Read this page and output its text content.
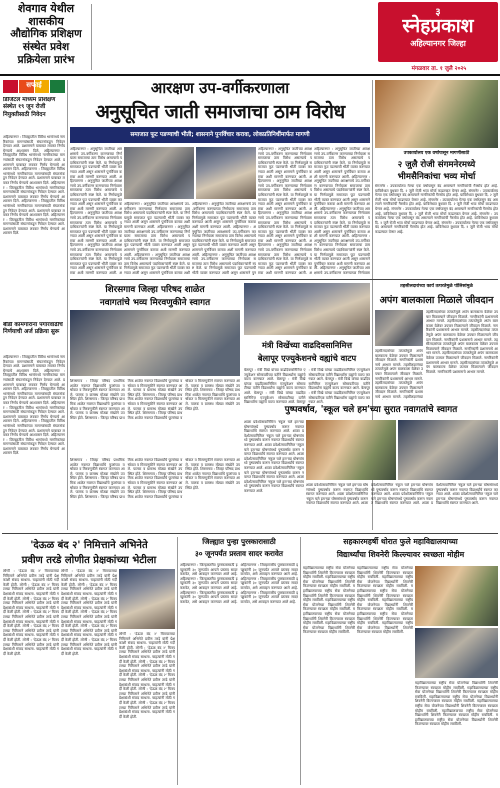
शेवगाव येथील
शासकीय
औद्योगिक प्रशिक्षण
संस्थेत प्रवेश
प्रक्रियेला प्रारंभ
३
स्नेहप्रकाश
अहिल्यानगर जिल्हा
मंगळवार ता. १ जुलै २०२५
सफाई
डिजिटल माध्यम प्रशिक्षण संस्थेत १९ जून रोजी नियुक्तीसाठी निवेदन
अहिल्यानगर : जिल्ह्यातील विविध भागांमध्ये नागरिकांच्या मागण्यांसाठी संघटनांकडून निवेदन देण्यात आले. प्रशासनाने याबाबत लवकर निर्णय घेण्याचे आश्वासन दिले. अहिल्यानगर : जिल्ह्यातील विविध भागांमध्ये नागरिकांच्या मागण्यांसाठी संघटनांकडून निवेदन देण्यात आले. प्रशासनाने याबाबत लवकर निर्णय घेण्याचे आश्वासन दिले. अहिल्यानगर : जिल्ह्यातील विविध भागांमध्ये नागरिकांच्या मागण्यांसाठी संघटनांकडून निवेदन देण्यात आले. प्रशासनाने याबाबत लवकर निर्णय घेण्याचे आश्वासन दिले. अहिल्यानगर : जिल्ह्यातील विविध भागांमध्ये नागरिकांच्या मागण्यांसाठी संघटनांकडून निवेदन देण्यात आले. प्रशासनाने याबाबत लवकर निर्णय घेण्याचे आश्वासन दिले. अहिल्यानगर : जिल्ह्यातील विविध भागांमध्ये नागरिकांच्या मागण्यांसाठी संघटनांकडून निवेदन देण्यात आले. प्रशासनाने याबाबत लवकर निर्णय घेण्याचे आश्वासन दिले. अहिल्यानगर : जिल्ह्यातील विविध भागांमध्ये नागरिकांच्या मागण्यांसाठी संघटनांकडून निवेदन देण्यात आले. प्रशासनाने याबाबत लवकर निर्णय घेण्याचे आश्वासन दिले.
बीडी कामगारांना पगारवाढीचे निर्णयाची अर्ज प्रक्रिया सुरू
अहिल्यानगर : जिल्ह्यातील विविध भागांमध्ये नागरिकांच्या मागण्यांसाठी संघटनांकडून निवेदन देण्यात आले. प्रशासनाने याबाबत लवकर निर्णय घेण्याचे आश्वासन दिले. अहिल्यानगर : जिल्ह्यातील विविध भागांमध्ये नागरिकांच्या मागण्यांसाठी संघटनांकडून निवेदन देण्यात आले. प्रशासनाने याबाबत लवकर निर्णय घेण्याचे आश्वासन दिले. अहिल्यानगर : जिल्ह्यातील विविध भागांमध्ये नागरिकांच्या मागण्यांसाठी संघटनांकडून निवेदन देण्यात आले. प्रशासनाने याबाबत लवकर निर्णय घेण्याचे आश्वासन दिले. अहिल्यानगर : जिल्ह्यातील विविध भागांमध्ये नागरिकांच्या मागण्यांसाठी संघटनांकडून निवेदन देण्यात आले. प्रशासनाने याबाबत लवकर निर्णय घेण्याचे आश्वासन दिले. अहिल्यानगर : जिल्ह्यातील विविध भागांमध्ये नागरिकांच्या मागण्यांसाठी संघटनांकडून निवेदन देण्यात आले. प्रशासनाने याबाबत लवकर निर्णय घेण्याचे आश्वासन दिले. अहिल्यानगर : जिल्ह्यातील विविध भागांमध्ये नागरिकांच्या मागण्यांसाठी संघटनांकडून निवेदन देण्यात आले. प्रशासनाने याबाबत लवकर निर्णय घेण्याचे आश्वासन दिले.
आरक्षण उप-वर्गीकरणाला
अनुसूचित जाती समाजाचा ठाम विरोध
समाजात फूट पडण्याची भीती; शासनाने पुनर्विचार करावा, लोकप्रतिनिधींमार्फत मागणी
अहिल्यानगर : अनुसूचित जातीच्या आरक्षणाचे उप-वर्गीकरण करण्याच्या निर्णयाला समाजाचा ठाम विरोध असल्याचे पदाधिकाऱ्यांनी स्पष्ट केले. या निर्णयामुळे समाजात फूट पडण्याची भीती व्यक्त करण्यात आली असून शासनाने पुनर्विचार करावा अशी मागणी करण्यात आली. अहिल्यानगर : अनुसूचित जातीच्या आरक्षणाचे उप-वर्गीकरण करण्याच्या निर्णयाला समाजाचा ठाम विरोध असल्याचे पदाधिकाऱ्यांनी स्पष्ट केले. या निर्णयामुळे समाजात फूट पडण्याची भीती व्यक्त करण्यात आली असून शासनाने पुनर्विचार करावा अशी मागणी करण्यात आली. अहिल्यानगर : अनुसूचित जातीच्या आरक्षणाचे उप-वर्गीकरण करण्याच्या निर्णयाला समाजाचा ठाम विरोध असल्याचे पदाधिकाऱ्यांनी स्पष्ट केले. या निर्णयामुळे समाजात फूट पडण्याची भीती व्यक्त करण्यात आली असून शासनाने पुनर्विचार करावा अशी मागणी करण्यात आली. अहिल्यानगर : अनुसूचित जातीच्या आरक्षणाचे उप-वर्गीकरण करण्याच्या निर्णयाला समाजाचा ठाम विरोध असल्याचे पदाधिकाऱ्यांनी स्पष्ट केले. या निर्णयामुळे समाजात फूट पडण्याची भीती व्यक्त करण्यात आली असून शासनाने पुनर्विचार करावा अशी मागणी करण्यात आली. अ
अहिल्यानगर : अनुसूचित जातीच्या आरक्षणाचे उप-वर्गीकरण करण्याच्या निर्णयाला समाजाचा ठाम विरोध असल्याचे पदाधिकाऱ्यांनी स्पष्ट केले. या निर्णयामुळे समाजात फूट पडण्याची भीती व्यक्त करण्यात आली असून शासनाने पुनर्विचार करावा अशी मागणी करण्यात आली. अहिल्यानगर : अनुसूचित जातीच्या आरक्षणाचे उप-वर्गीकरण करण्याच्या निर्णयाला समाजाचा ठाम विरोध असल्याचे पदाधिकाऱ्यांनी स्पष्ट केले. या निर्णयामुळे समाजात फूट पडण्याची भीती व्यक्त करण्यात आली असून शासनाने पुनर्विचार करावा अशी मागणी करण्यात आली. अहिल्यानगर : अनुसूचित जातीच्या आरक्षणाचे उप-वर्गीकरण करण्याच्या निर्णयाला समाजाचा ठाम विरोध असल्याचे पदाधिकाऱ्यांनी स्पष्ट केले. या निर्णयामुळे समाजात फूट पडण्याची भीती व्यक्त करण्यात आली असून शासनाने पुनर्विचार करावा अशी
अहिल्यानगर : अनुसूचित जातीच्या आरक्षणाचे उप-वर्गीकरण करण्याच्या निर्णयाला समाजाचा ठाम विरोध असल्याचे पदाधिकाऱ्यांनी स्पष्ट केले. या निर्णयामुळे समाजात फूट पडण्याची भीती व्यक्त करण्यात आली असून शासनाने पुनर्विचार करावा अशी मागणी करण्यात आली. अहिल्यानगर : अनुसूचित जातीच्या आरक्षणाचे उप-वर्गीकरण करण्याच्या निर्णयाला समाजाचा ठाम विरोध असल्याचे पदाधिकाऱ्यांनी स्पष्ट केले. या निर्णयामुळे समाजात फूट पडण्याची भीती व्यक्त करण्यात आली असून शासनाने पुनर्विचार करावा अशी मागणी करण्यात आली. अहिल्यानगर : अनुसूचित जातीच्या आरक्षणाचे उप-वर्गीकरण करण्याच्या निर्णयाला समाजाचा ठाम विरोध असल्याचे पदाधिकाऱ्यांनी स्पष्ट केले. या निर्णयामुळे समाजात फूट पडण्याची भीती व्यक्त करण्यात आली असून शासनाने पुन
अहिल्यानगर : अनुसूचित जातीच्या आरक्षणाचे उप-वर्गीकरण करण्याच्या निर्णयाला समाजाचा ठाम विरोध असल्याचे पदाधिकाऱ्यांनी स्पष्ट केले. या निर्णयामुळे समाजात फूट पडण्याची भीती व्यक्त करण्यात आली असून शासनाने पुनर्विचार करावा अशी मागणी करण्यात आली. अहिल्यानगर : अनुसूचित जातीच्या आरक्षणाचे उप-वर्गीकरण करण्याच्या निर्णयाला समाजाचा ठाम विरोध असल्याचे पदाधिकाऱ्यांनी स्पष्ट केले. या निर्णयामुळे समाजात फूट पडण्याची भीती व्यक्त करण्यात आली असून शासनाने पुनर्विचार करावा अशी मागणी करण्यात आली. अहिल्यानगर : अनुसूचित जातीच्या आरक्षणाचे उप-वर्गीकरण करण्याच्या निर्णयाला समाजाचा ठाम विरोध असल्याचे पदाधिकाऱ्यांनी स्पष्ट केले. या निर्णयामुळे समाजात फूट पडण्याची भीती व्यक्त करण्यात आली असून शासनाने पुनर्विचार करावा अशी मागणी करण्यात आली. अहिल्यानगर : अनुसूचित जातीच्या आरक्षणाचे उप-वर्गीकरण करण्याच्या निर्णयाला समाजाचा ठाम विरोध असल्याचे पदाधिकाऱ्यांनी स्पष्ट केले. या निर्णयामुळे समाजात फूट पडण्याची भीती व्यक्त करण्यात आली असून शासनाने पुनर्विचार करावा अशी मागणी करण्यात आली. अ
अहिल्यानगर : अनुसूचित जातीच्या आरक्षणाचे उप-वर्गीकरण करण्याच्या निर्णयाला समाजाचा ठाम विरोध असल्याचे पदाधिकाऱ्यांनी स्पष्ट केले. या निर्णयामुळे समाजात फूट पडण्याची भीती व्यक्त करण्यात आली असून शासनाने पुनर्विचार करावा अशी मागणी करण्यात आली. अहिल्यानगर : अनुसूचित जातीच्या आरक्षणाचे उप-वर्गीकरण करण्याच्या निर्णयाला समाजाचा ठाम विरोध असल्याचे पदाधिकाऱ्यांनी स्पष्ट केले. या निर्णयामुळे समाजात फूट पडण्याची भीती व्यक्त करण्यात आली असून शासनाने पुनर्विचार करावा अशी मागणी करण्यात आली. अहिल्यानगर : अनुसूचित जातीच्या आरक्षणाचे उप-वर्गीकरण करण्याच्या निर्णयाला समाजाचा ठाम विरोध असल्याचे पदाधिकाऱ्यांनी स्पष्ट केले. या निर्णयामुळे समाजात फूट पडण्याची भीती व्यक्त करण्यात आली असून शासनाने पुनर्विचार करावा अशी मागणी करण्यात आली. अहिल्यानगर : अनुसूचित जातीच्या आरक्षणाचे उप-वर्गीकरण करण्याच्या निर्णयाला समाजाचा ठाम विरोध असल्याचे पदाधिकाऱ्यांनी स्पष्ट केले. या निर्णयामुळे समाजात फूट पडण्याची भीती व्यक्त करण्यात आली असून शासनाने पुनर्विचार करावा अशी मागणी करण्यात आली. अहिल्यानगर : अनुसूचित जातीच्या आरक्षणाचे उप-वर्गीकरण करण्याच्या निर्णयाला
उपकार्यालय एक वर्षापासून मागणीसाठी
२ जुलै रोजी संगमनेरमध्ये
भीमसैनिकांचा भव्य मोर्चा
संगमनेर : उपकार्यालय गेल्या एक वर्षापासून बंद असल्याने नागरिकांची गैरसोय होत आहे. याविरोधात बुधवार दि. २ जुलै रोजी भव्य मोर्चा काढण्यात येणार आहे. संगमनेर : उपकार्यालय गेल्या एक वर्षापासून बंद असल्याने नागरिकांची गैरसोय होत आहे. याविरोधात बुधवार दि. २ जुलै रोजी भव्य मोर्चा काढण्यात येणार आहे. संगमनेर : उपकार्यालय गेल्या एक वर्षापासून बंद असल्याने नागरिकांची गैरसोय होत आहे. याविरोधात बुधवार दि. २ जुलै रोजी भव्य मोर्चा काढण्यात येणार आहे. संगमनेर : उपकार्यालय गेल्या एक वर्षापासून बंद असल्याने नागरिकांची गैरसोय होत आहे. याविरोधात बुधवार दि. २ जुलै रोजी भव्य मोर्चा काढण्यात येणार आहे. संगमनेर : उपकार्यालय गेल्या एक वर्षापासून बंद असल्याने नागरिकांची गैरसोय होत आहे. याविरोधात बुधवार दि. २ जुलै रोजी भव्य मोर्चा काढण्यात येणार आहे. संगमनेर : उपकार्यालय गेल्या एक वर्षापासून बंद असल्याने नागरिकांची गैरसोय होत आहे. याविरोधात बुधवार दि. २ जुलै रोजी भव्य मोर्चा काढण्यात येणार आहे.
शिरसगाव जिल्हा परिषद शाळेत
नवागतांचे भव्य मिरवणुकीने स्वागत
शिरसगाव : जिल्हा परिषद प्राथमिक शाळेत नवागत विद्यार्थ्यांचे फुलांच्या वर्षावात व मिरवणुकीने स्वागत करण्यात आले. पालक व ग्रामस्थ मोठ्या संख्येने उपस्थित होते. शिरसगाव : जिल्हा परिषद प्राथमिक शाळेत नवागत विद्यार्थ्यांचे फुलांच्या वर्षावात व मिरवणुकीने स्वागत करण्यात आले. पालक व ग्रामस्थ मोठ्या संख्येने उपस्थित होते. शिरसगाव : जिल्हा परिषद प्राथमिक शाळेत नवागत विद्यार्थ्यांचे फुलांच्या वर्षावात व मिरवणुकीने स्वागत करण्यात आले. पालक व ग्रामस्थ मोठ्या संख्येने उपस्थित होते. शिरसगाव : जिल्हा परिषद प्राथमिक शाळेत नवागत विद्यार्थ्यांचे फुलांच्या वर्षावात व मिरवणुकीने स्वागत करण्यात आले. पालक व ग्रामस्थ मोठ्या संख्येने उपस्थित होते. शिरसगाव : जिल्हा परिषद प्राथमिक शाळेत नवागत विद्यार्थ्यांचे फुलांच्या वर्षावात व मिरवणुकीने स्वागत करण्यात आले. पालक व ग्रामस्थ मोठ्या संख्येने उपस्थित होते. शिरसगाव : जिल्हा परिषद प्राथमिक शाळेत नवागत विद्यार्थ्यांचे फुलांच्या वर्षावात व मिरवणुकीने स्वागत करण्यात आले. पालक व ग्रामस्थ मोठ्या संख्येने उपस्थित होते.
मंत्री विखेंच्या वाढदिवसानिमित्त
बेलापूर एज्युकेशनचे वह्यांचे वाटप
बेलापूर : मंत्री विखे यांच्या वाढदिवसानिमित्त एज्युकेशन सोसायटीच्या वतीने विद्यार्थ्यांना वह्यांचे वाटप करण्यात आले. बेलापूर : मंत्री विखे यांच्या वाढदिवसानिमित्त एज्युकेशन सोसायटीच्या वतीने विद्यार्थ्यांना वह्यांचे वाटप करण्यात आले. बेलापूर : मंत्री विखे यांच्या वाढदिवसानिमित्त एज्युकेशन सोसायटीच्या वतीने विद्यार्थ्यांना वह्यांचे वाटप करण्यात आले. बेलापूर : मंत्री विखे यांच्या वाढदिवसानिमित्त एज्युकेशन सोसायटीच्या वतीने विद्यार्थ्यांना वह्यांचे वाटप करण्यात आले. बेलापूर : मंत्री विखे यांच्या वाढदिवसानिमित्त एज्युकेशन सोसायटीच्या वतीने विद्यार्थ्यांना वह्यांचे वाटप करण्यात आले. बेलापूर : मंत्री विखे यांच्या वाढदिवसानिमित्त एज्युकेशन सोसायटीच्या वतीने विद्यार्थ्यांना वह्यांचे वाटप करण्यात आले.
तहसीलदारांच्या कार्य तत्परतेमुळे पोलिसांमुळे
अपंग बालकाला मिळाले जीवदान
तहसीलदारांच्या तत्परतेमुळे अपंग बालकाला वेळेवर उपचार मिळाल्याने जीवदान मिळाले. नागरिकांनी प्रशासनाचे आभार मानले. तहसीलदारांच्या तत्परतेमुळे अपंग बालकाला वेळेवर उपचार मिळाल्याने जीवदान मिळाले. नागरिकांनी प्रशासनाचे आभार मानले. तहसीलदारांच्या तत्परतेमुळे अपंग बालकाला वेळेवर उपचार मिळाल्याने जीवदान मिळाले. नागरिकांनी प्रशासनाचे आभार मानले. तहसीलदारांच्या तत्परतेमुळे अपंग बालकाला वेळेवर उपचार मिळाल्याने जीवदान मिळाले. नागरिकांनी प्रशासनाचे आभार मानले. तहसीलदारांच्या तत्परतेमुळे अपंग बालकाला वेळेवर उपचार मिळाल्याने जीवदान मिळाले. नागरिकांनी प्रशासनाचे आभार मानले. तहसीलदारांच्या तत्परतेमुळे अपंग बालकाला वेळेवर उपचार मिळाल्याने जीवदान मिळाले. नागरिकांनी प्रशासनाचे आभार मानले.
तहसीलदारांच्या तत्परतेमुळे अपंग बालकाला वेळेवर उपचार मिळाल्याने जीवदान मिळाले. नागरिकांनी प्रशासनाचे आभार मानले. तहसीलदारांच्या तत्परतेमुळे अपंग बालकाला वेळेवर उपचार मिळाल्याने जीवदान मिळाले. नागरिकांनी प्रशासनाचे आभार मानले. तहसीलदारांच्या तत्परतेमुळे अपंग बालकाला वेळेवर उपचार मिळाल्याने जीवदान मिळाले. नागरिकांनी प्रशासनाचे आभार मानले. तहसीलदारांच्या
पुष्पवर्षाव, 'स्कूल चले हम'च्या सुरात नवागतांचे स्वागत
शाळा प्रवेशोत्सवानिमित्त 'स्कूल चले हम'च्या घोषणांमध्ये पुष्पवर्षाव करून नवागत विद्यार्थ्यांचे स्वागत करण्यात आले. शाळा प्रवेशोत्सवानिमित्त 'स्कूल चले हम'च्या घोषणांमध्ये पुष्पवर्षाव करून नवागत विद्यार्थ्यांचे स्वागत करण्यात आले. शाळा प्रवेशोत्सवानिमित्त 'स्कूल चले हम'च्या घोषणांमध्ये पुष्पवर्षाव करून नवागत विद्यार्थ्यांचे स्वागत करण्यात आले. शाळा प्रवेशोत्सवानिमित्त 'स्कूल चले हम'च्या घोषणांमध्ये पुष्पवर्षाव करून नवागत विद्यार्थ्यांचे स्वागत करण्यात आले. शाळा प्रवेशोत्सवानिमित्त 'स्कूल चले हम'च्या घोषणांमध्ये पुष्पवर्षाव करून नवागत विद्यार्थ्यांचे स्वागत करण्यात आले. शाळा प्रवेशोत्सवानिमित्त 'स्कूल चले हम'च्या घोषणांमध्ये पुष्पवर्षाव करून नवागत विद्यार्थ्यांचे स्वागत करण्यात आले.
शाळा प्रवेशोत्सवानिमित्त 'स्कूल चले हम'च्या घोषणांमध्ये पुष्पवर्षाव करून नवागत विद्यार्थ्यांचे स्वागत करण्यात आले. शाळा प्रवेशोत्सवानिमित्त 'स्कूल चले हम'च्या घोषणांमध्ये पुष्पवर्षाव करून नवागत विद्यार्थ्यांचे स्वागत करण्यात आले. शाळा प्रवेशोत्सवानिमित्त 'स्कूल चले हम'च्या घोषणांमध्ये पुष्पवर्षाव करून नवागत विद्यार्थ्यांचे स्वागत करण्यात आले. शाळा प्रवेशोत्सवानिमित्त 'स्कूल चले हम'च्या घोषणांमध्ये पुष्पवर्षाव करून नवागत विद्यार्थ्यांचे स्वागत करण्यात आले. शाळा प्रवेशोत्सवानिमित्त 'स्कूल चले हम'च्या घोषणांमध्ये पुष्पवर्षाव करून नवागत विद्यार्थ्यांचे स्वागत करण्यात आले. शाळा प्रवेशोत्सवानिमित्त 'स्कूल चले हम'च्या घोषणांमध्ये पुष्पवर्षाव करून नवागत विद्यार्थ्यांचे स्वागत करण्यात आले.
शिरसगाव : जिल्हा परिषद प्राथमिक शाळेत नवागत विद्यार्थ्यांचे फुलांच्या वर्षावात व मिरवणुकीने स्वागत करण्यात आले. पालक व ग्रामस्थ मोठ्या संख्येने उपस्थित होते. शिरसगाव : जिल्हा परिषद प्राथमिक शाळेत नवागत विद्यार्थ्यांचे फुलांच्या वर्षावात व मिरवणुकीने स्वागत करण्यात आले. पालक व ग्रामस्थ मोठ्या संख्येने उपस्थित होते. शिरसगाव : जिल्हा परिषद प्राथमिक शाळेत नवागत विद्यार्थ्यांचे फुलांच्या वर्षावात व मिरवणुकीने स्वागत करण्यात आले. पालक व ग्रामस्थ मोठ्या संख्येने उपस्थित होते. शिरसगाव : जिल्हा परिषद प्राथमिक शाळेत नवागत विद्यार्थ्यांचे फुलांच्या वर्षावात व मिरवणुकीने स्वागत करण्यात आले. पालक व ग्रामस्थ मोठ्या संख्येने उपस्थित होते. शिरसगाव : जिल्हा परिषद प्राथमिक शाळेत नवागत विद्यार्थ्यांचे फुलांच्या वर्षावात व मिरवणुकीने स्वागत करण्यात आले. पालक व ग्रामस्थ मोठ्या संख्येने उपस्थित होते. शिरसगाव : जिल्हा परिषद प्राथमिक शाळेत नवागत विद्यार्थ्यांचे फुलांच्या वर्षावात व मिरवणुकीने स्वागत करण्यात आले. पालक व ग्रामस्थ मोठ्या संख्येने उपस्थित होते.
'देऊळ बंद २' निमित्ताने अभिनेते
प्रवीण तरडे लोणीत प्रेक्षकांच्या भेटीला
लोणी : 'देऊळ बंद २' चित्रपटाच्या निमित्ताने अभिनेते प्रवीण तरडे यांनी प्रेक्षकांशी संवाद साधला. चाहत्यांनी मोठी गर्दी केली होती. लोणी : 'देऊळ बंद २' चित्रपटाच्या निमित्ताने अभिनेते प्रवीण तरडे यांनी प्रेक्षकांशी संवाद साधला. चाहत्यांनी मोठी गर्दी केली होती. लोणी : 'देऊळ बंद २' चित्रपटाच्या निमित्ताने अभिनेते प्रवीण तरडे यांनी प्रेक्षकांशी संवाद साधला. चाहत्यांनी मोठी गर्दी केली होती. लोणी : 'देऊळ बंद २' चित्रपटाच्या निमित्ताने अभिनेते प्रवीण तरडे यांनी प्रेक्षकांशी संवाद साधला. चाहत्यांनी मोठी गर्दी केली होती. लोणी : 'देऊळ बंद २' चित्रपटाच्या निमित्ताने अभिनेते प्रवीण तरडे यांनी प्रेक्षकांशी संवाद साधला. चाहत्यांनी मोठी गर्दी केली होती. लोणी : 'देऊळ बंद २' चित्रपटाच्या निमित्ताने अभिनेते प्रवीण तरडे यांनी प्रेक्षकांशी संवाद साधला. चाहत्यांनी मोठी गर्दी केली होती.
लोणी : 'देऊळ बंद २' चित्रपटाच्या निमित्ताने अभिनेते प्रवीण तरडे यांनी प्रेक्षकांशी संवाद साधला. चाहत्यांनी मोठी गर्दी केली होती. लोणी : 'देऊळ बंद २' चित्रपटाच्या निमित्ताने अभिनेते प्रवीण तरडे यांनी प्रेक्षकांशी संवाद साधला. चाहत्यांनी मोठी गर्दी केली होती. लोणी : 'देऊळ बंद २' चित्रपटाच्या निमित्ताने अभिनेते प्रवीण तरडे यांनी प्रेक्षकांशी संवाद साधला. चाहत्यांनी मोठी गर्दी केली होती. लोणी : 'देऊळ बंद २' चित्रपटाच्या निमित्ताने अभिनेते प्रवीण तरडे यांनी प्रेक्षकांशी संवाद साधला. चाहत्यांनी मोठी गर्दी केली होती. लोणी : 'देऊळ बंद २' चित्रपटाच्या निमित्ताने अभिनेते प्रवीण तरडे यांनी प्रेक्षकांशी संवाद साधला. चाहत्यांनी मोठी गर्दी केली होती. लोणी : 'देऊळ बंद २' चित्रपटाच्या निमित्ताने अभिनेते प्रवीण तरडे यांनी प्रेक्षकांशी संवाद साधला. चाहत्यांनी मोठी गर्दी केली होती.
लोणी : 'देऊळ बंद २' चित्रपटाच्या निमित्ताने अभिनेते प्रवीण तरडे यांनी प्रेक्षकांशी संवाद साधला. चाहत्यांनी मोठी गर्दी केली होती. लोणी : 'देऊळ बंद २' चित्रपटाच्या निमित्ताने अभिनेते प्रवीण तरडे यांनी प्रेक्षकांशी संवाद साधला. चाहत्यांनी मोठी गर्दी केली होती. लोणी : 'देऊळ बंद २' चित्रपटाच्या निमित्ताने अभिनेते प्रवीण तरडे यांनी प्रेक्षकांशी संवाद साधला. चाहत्यांनी मोठी गर्दी केली होती. लोणी : 'देऊळ बंद २' चित्रपटाच्या निमित्ताने अभिनेते प्रवीण तरडे यांनी प्रेक्षकांशी संवाद साधला. चाहत्यांनी मोठी गर्दी केली होती. लोणी : 'देऊळ बंद २' चित्रपटाच्या निमित्ताने अभिनेते प्रवीण तरडे यांनी प्रेक्षकांशी संवाद साधला. चाहत्यांनी मोठी गर्दी केली होती. लोणी : 'देऊळ बंद २' चित्रपटाच्या निमित्ताने अभिनेते प्रवीण तरडे यांनी प्रेक्षकांशी संवाद साधला. चाहत्यांनी मोठी गर्दी केली होती.
जिल्ह्यात पुन्हा पुरस्कारासाठी
३० जूनपर्यंत प्रस्ताव सादर करावेत
अहिल्यानगर : जिल्हास्तरीय पुरस्कारासाठी इच्छुकांनी ३० जूनपर्यंत आपले प्रस्ताव सादर करावेत, असे आवाहन करण्यात आले आहे. अहिल्यानगर : जिल्हास्तरीय पुरस्कारासाठी इच्छुकांनी ३० जूनपर्यंत आपले प्रस्ताव सादर करावेत, असे आवाहन करण्यात आले आहे. अहिल्यानगर : जिल्हास्तरीय पुरस्कारासाठी इच्छुकांनी ३० जूनपर्यंत आपले प्रस्ताव सादर करावेत, असे आवाहन करण्यात आले आहे. अहिल्यानगर : जिल्हास्तरीय पुरस्कारासाठी इच्छुकांनी ३० जूनपर्यंत आपले प्रस्ताव सादर करावेत, असे आवाहन करण्यात आले आहे. अहिल्यानगर : जिल्हास्तरीय पुरस्कारासाठी इच्छुकांनी ३० जूनपर्यंत आपले प्रस्ताव सादर करावेत, असे आवाहन करण्यात आले आहे. अहिल्यानगर : जिल्हास्तरीय पुरस्कारासाठी इच्छुकांनी ३० जूनपर्यंत आपले प्रस्ताव सादर करावेत, असे आवाहन करण्यात आले आहे.
सहकारमहर्षी थोरात फुले महाविद्यालयाच्या
विद्यार्थ्यांचा शिवनेरी किल्ल्यावर स्वच्छता मोहीम
महाविद्यालयाच्या राष्ट्रीय सेवा योजनेच्या विद्यार्थ्यांनी शिवनेरी किल्ल्यावर स्वच्छता मोहीम राबविली. महाविद्यालयाच्या राष्ट्रीय सेवा योजनेच्या विद्यार्थ्यांनी शिवनेरी किल्ल्यावर स्वच्छता मोहीम राबविली. महाविद्यालयाच्या राष्ट्रीय सेवा योजनेच्या विद्यार्थ्यांनी शिवनेरी किल्ल्यावर स्वच्छता मोहीम राबविली. महाविद्यालयाच्या राष्ट्रीय सेवा योजनेच्या विद्यार्थ्यांनी शिवनेरी किल्ल्यावर स्वच्छता मोहीम राबविली. महाविद्यालयाच्या राष्ट्रीय सेवा योजनेच्या विद्यार्थ्यांनी शिवनेरी किल्ल्यावर स्वच्छता मोहीम राबविली. महाविद्यालयाच्या राष्ट्रीय सेवा योजनेच्या विद्यार्थ्यांनी शिवनेरी किल्ल्यावर स्वच्छता मोहीम राबविली.
महाविद्यालयाच्या राष्ट्रीय सेवा योजनेच्या विद्यार्थ्यांनी शिवनेरी किल्ल्यावर स्वच्छता मोहीम राबविली. महाविद्यालयाच्या राष्ट्रीय सेवा योजनेच्या विद्यार्थ्यांनी शिवनेरी किल्ल्यावर स्वच्छता मोहीम राबविली. महाविद्यालयाच्या राष्ट्रीय सेवा योजनेच्या विद्यार्थ्यांनी शिवनेरी किल्ल्यावर स्वच्छता मोहीम राबविली. महाविद्यालयाच्या राष्ट्रीय सेवा योजनेच्या विद्यार्थ्यांनी शिवनेरी किल्ल्यावर स्वच्छता मोहीम राबविली. महाविद्यालयाच्या राष्ट्रीय सेवा योजनेच्या विद्यार्थ्यांनी शिवनेरी किल्ल्यावर स्वच्छता मोहीम राबविली. महाविद्यालयाच्या राष्ट्रीय सेवा योजनेच्या विद्यार्थ्यांनी शिवनेरी किल्ल्यावर स्वच्छता मोहीम राबविली.
महाविद्यालयाच्या राष्ट्रीय सेवा योजनेच्या विद्यार्थ्यांनी शिवनेरी किल्ल्यावर स्वच्छता मोहीम राबविली. महाविद्यालयाच्या राष्ट्रीय सेवा योजनेच्या विद्यार्थ्यांनी शिवनेरी किल्ल्यावर स्वच्छता मोहीम राबविली. महाविद्यालयाच्या राष्ट्रीय सेवा योजनेच्या विद्यार्थ्यांनी शिवनेरी किल्ल्यावर स्वच्छता मोहीम राबविली. महाविद्यालयाच्या राष्ट्रीय सेवा योजनेच्या विद्यार्थ्यांनी शिवनेरी किल्ल्यावर स्वच्छता मोहीम राबविली. महाविद्यालयाच्या राष्ट्रीय सेवा योजनेच्या विद्यार्थ्यांनी शिवनेरी किल्ल्यावर स्वच्छता मोहीम राबविली. महाविद्यालयाच्या राष्ट्रीय सेवा योजनेच्या विद्यार्थ्यांनी शिवनेरी किल्ल्यावर स्वच्छता मोहीम राबविली.
